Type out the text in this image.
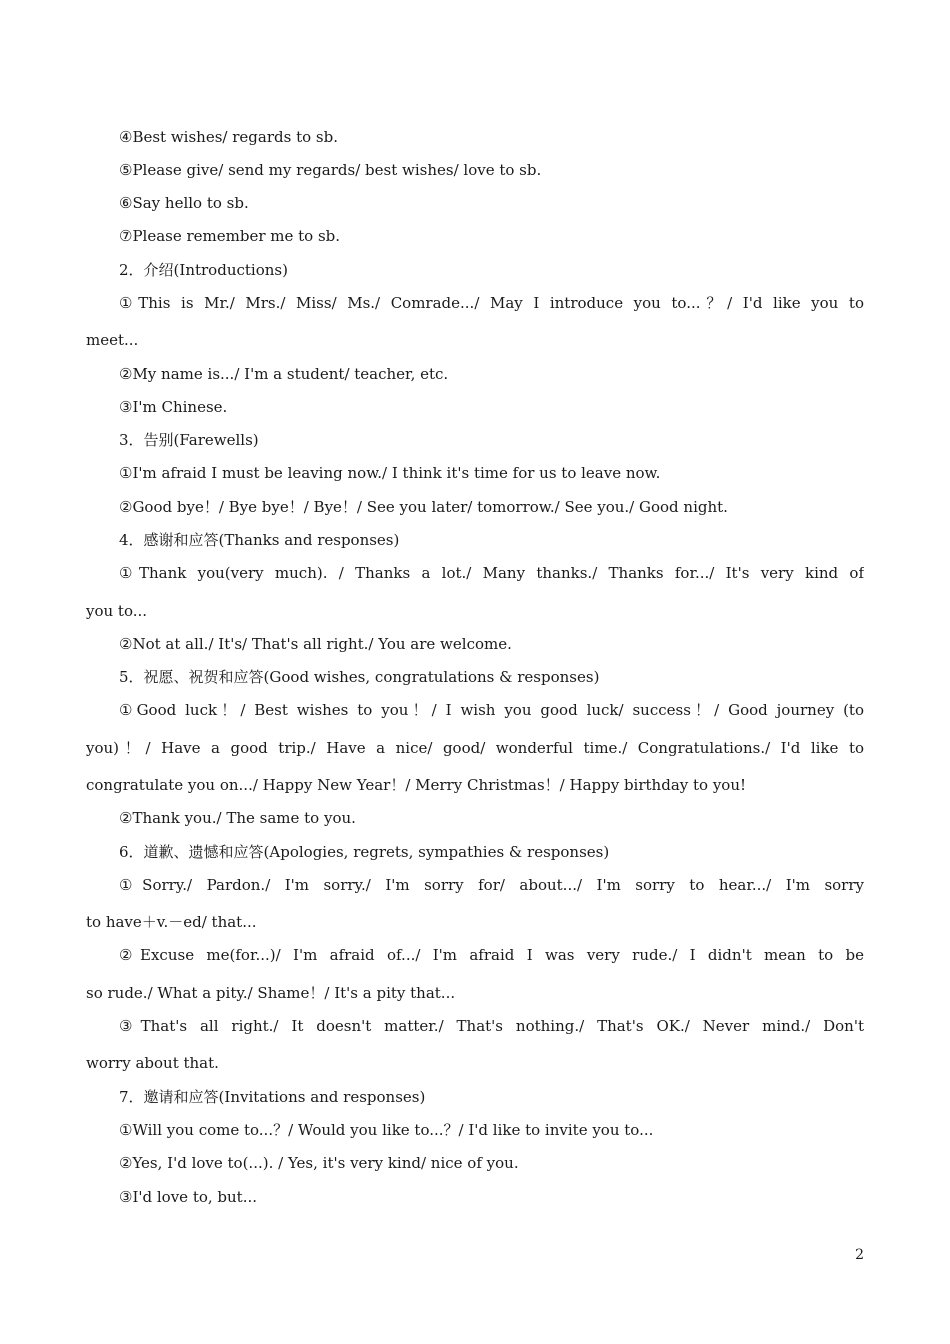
④Best wishes/ regards to sb.
⑤Please give/ send my regards/ best wishes/ love to sb.
⑥Say hello to sb.
⑦Please remember me to sb.
2．介绍(Introductions)
①This is Mr./ Mrs./ Miss/ Ms./ Comrade.../ May I introduce you to...？/ I'd like you to
meet...
②My name is.../ I'm a student/ teacher, etc.
③I'm Chinese.
3．告别(Farewells)
①I'm afraid I must be leaving now./ I think it's time for us to leave now.
②Good bye！/ Bye bye！/ Bye！/ See you later/ tomorrow./ See you./ Good night.
4．感谢和应答(Thanks and responses)
①Thank you(very much). / Thanks a lot./ Many thanks./ Thanks for.../ It's very kind of
you to...
②Not at all./ It's/ That's all right./ You are welcome.
5．祝愿、祝贺和应答(Good wishes, congratulations & responses)
①Good luck！/ Best wishes to you！/ I wish you good luck/ success！/ Good journey (to
you)！/ Have a good trip./ Have a nice/ good/ wonderful time./ Congratulations./ I'd like to
congratulate you on.../ Happy New Year！/ Merry Christmas！/ Happy birthday to you!
②Thank you./ The same to you.
6．道歉、遗憾和应答(Apologies, regrets, sympathies & responses)
①Sorry./ Pardon./ I'm sorry./ I'm sorry for/ about.../ I'm sorry to hear.../ I'm sorry
to have＋v.－ed/ that...
②Excuse me(for...)/ I'm afraid of.../ I'm afraid I was very rude./ I didn't mean to be
so rude./ What a pity./ Shame！/ It's a pity that...
③That's all right./ It doesn't matter./ That's nothing./ That's OK./ Never mind./ Don't
worry about that.
7．邀请和应答(Invitations and responses)
①Will you come to...？/ Would you like to...？/ I'd like to invite you to...
②Yes, I'd love to(...). / Yes, it's very kind/ nice of you.
③I'd love to, but...
2
